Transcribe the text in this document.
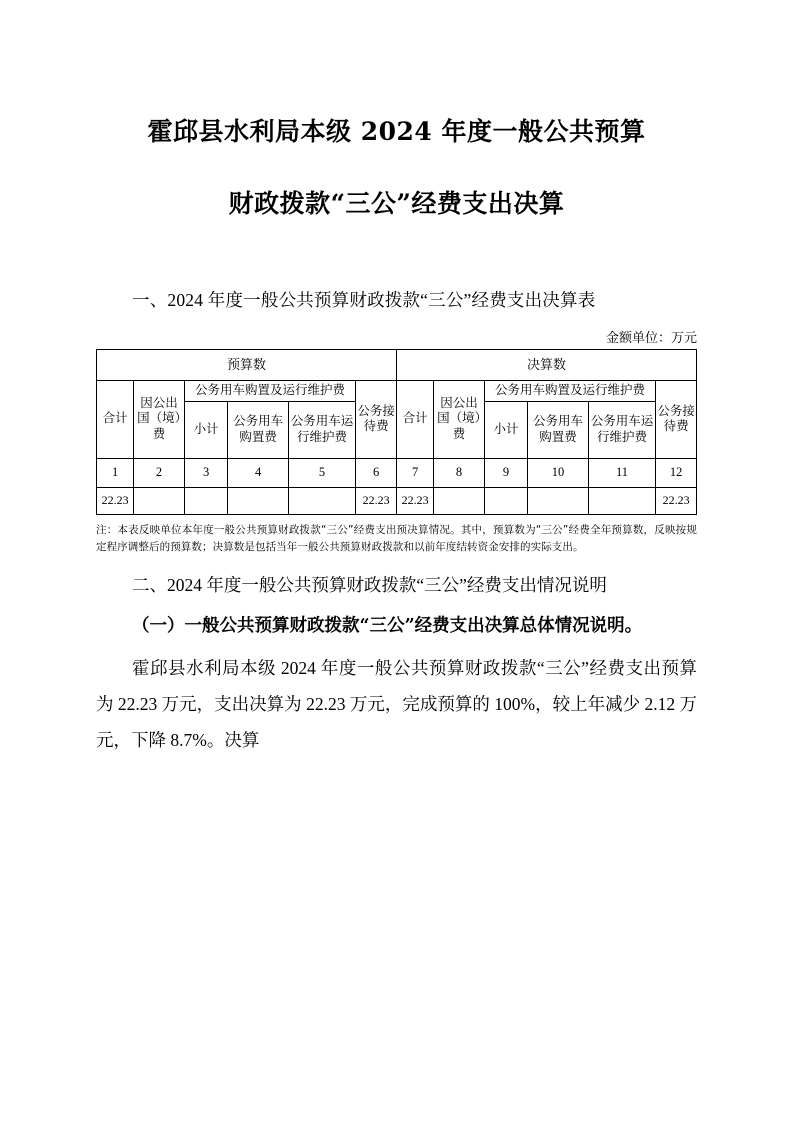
霍邱县水利局本级 2024 年度一般公共预算
财政拨款“三公”经费支出决算
一、2024 年度一般公共预算财政拨款“三公”经费支出决算表
金额单位：万元
预算数						决算数					
合计	因公出国（境）费	公务用车购置及运行维护费			公务接待费	合计	因公出国（境）费	公务用车购置及运行维护费			公务接待费
		小计	公务用车购置费	公务用车运行维护费				小计	公务用车购置费	公务用车运行维护费	
1	2	3	4	5	6	7	8	9	10	11	12
22.23					22.23	22.23					22.23
注：本表反映单位本年度一般公共预算财政拨款“三公”经费支出预决算情况。其中，预算数为“三公”经费全年预算数，反映按规定程序调整后的预算数；决算数是包括当年一般公共预算财政拨款和以前年度结转资金安排的实际支出。
二、2024 年度一般公共预算财政拨款“三公”经费支出情况说明
（一）一般公共预算财政拨款“三公”经费支出决算总体情况说明。
霍邱县水利局本级 2024 年度一般公共预算财政拨款“三公”经费支出预算为 22.23 万元，支出决算为 22.23 万元，完成预算的 100%，较上年减少 2.12 万元，下降 8.7%。决算
